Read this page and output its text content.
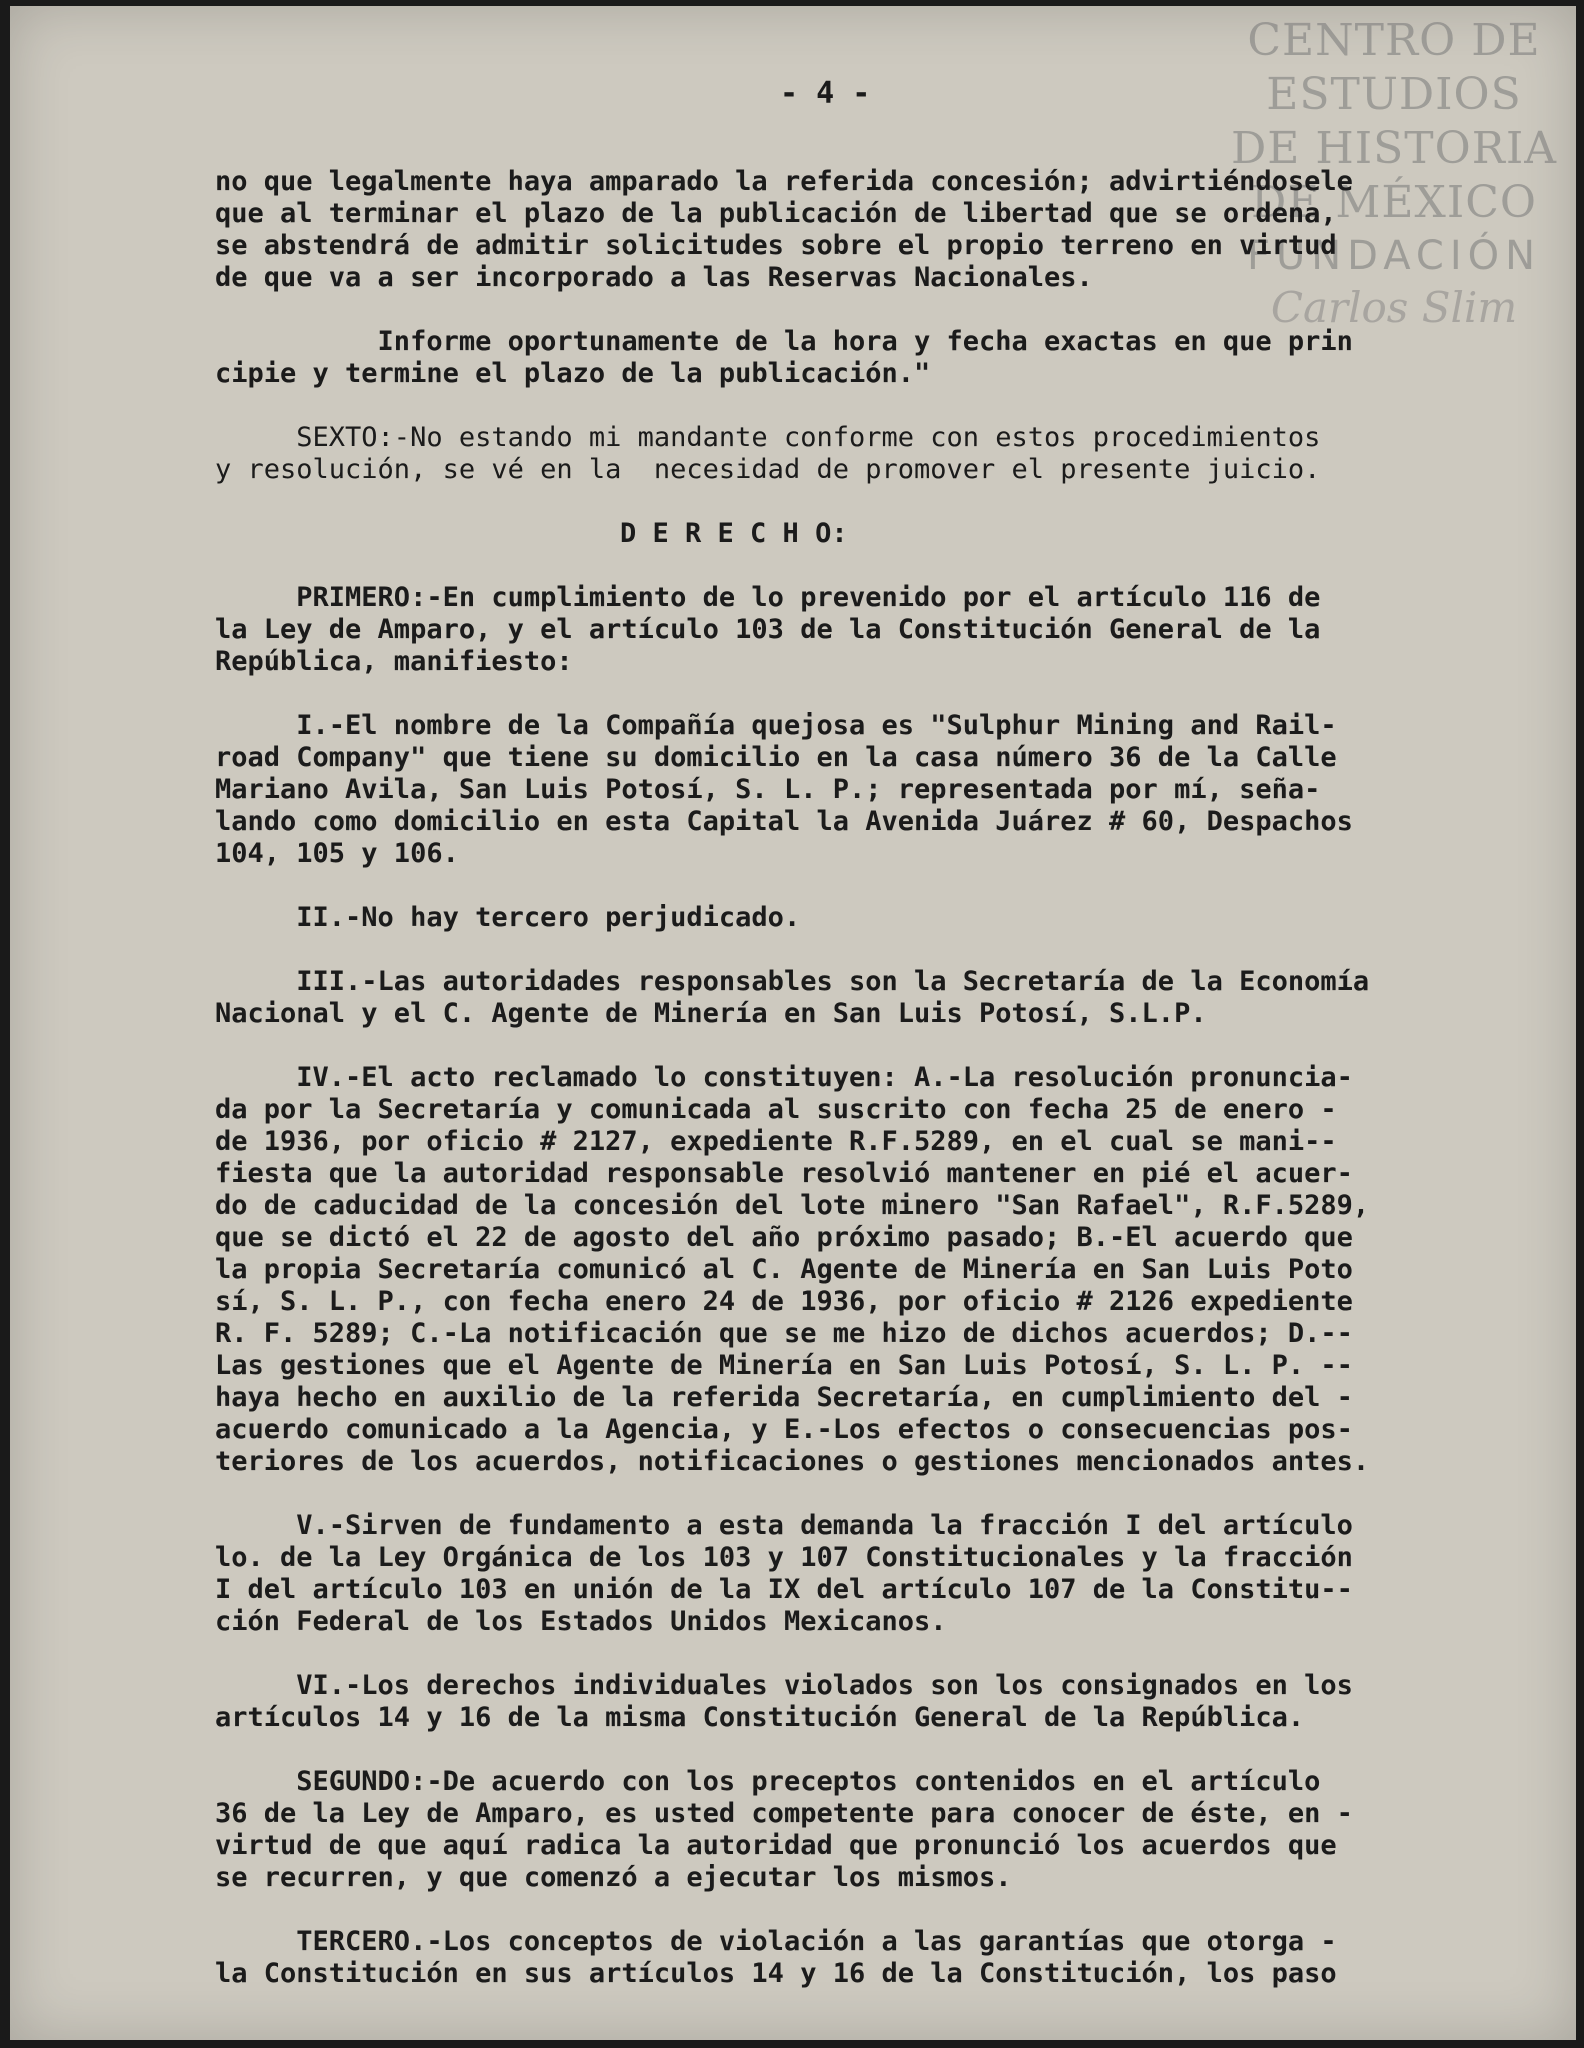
- 4 -
CENTRO DE
ESTUDIOS
DE HISTORIA
DE MÉXICO
FUNDACIÓN
Carlos Slim
no que legalmente haya amparado la referida concesión; advirtiéndosele
que al terminar el plazo de la publicación de libertad que se ordena,
se abstendrá de admitir solicitudes sobre el propio terreno en virtud
de que va a ser incorporado a las Reservas Nacionales.
Informe oportunamente de la hora y fecha exactas en que prin
cipie y termine el plazo de la publicación."
SEXTO:-No estando mi mandante conforme con estos procedimientos
y resolución, se vé en la  necesidad de promover el presente juicio.
D E R E C H O:
PRIMERO:-En cumplimiento de lo prevenido por el artículo 116 de
la Ley de Amparo, y el artículo 103 de la Constitución General de la
República, manifiesto:
I.-El nombre de la Compañía quejosa es "Sulphur Mining and Rail-
road Company" que tiene su domicilio en la casa número 36 de la Calle
Mariano Avila, San Luis Potosí, S. L. P.; representada por mí, seña-
lando como domicilio en esta Capital la Avenida Juárez # 60, Despachos
104, 105 y 106.
II.-No hay tercero perjudicado.
III.-Las autoridades responsables son la Secretaría de la Economía
Nacional y el C. Agente de Minería en San Luis Potosí, S.L.P.
IV.-El acto reclamado lo constituyen: A.-La resolución pronuncia-
da por la Secretaría y comunicada al suscrito con fecha 25 de enero -
de 1936, por oficio # 2127, expediente R.F.5289, en el cual se mani--
fiesta que la autoridad responsable resolvió mantener en pié el acuer-
do de caducidad de la concesión del lote minero "San Rafael", R.F.5289,
que se dictó el 22 de agosto del año próximo pasado; B.-El acuerdo que
la propia Secretaría comunicó al C. Agente de Minería en San Luis Poto
sí, S. L. P., con fecha enero 24 de 1936, por oficio # 2126 expediente
R. F. 5289; C.-La notificación que se me hizo de dichos acuerdos; D.--
Las gestiones que el Agente de Minería en San Luis Potosí, S. L. P. --
haya hecho en auxilio de la referida Secretaría, en cumplimiento del -
acuerdo comunicado a la Agencia, y E.-Los efectos o consecuencias pos-
teriores de los acuerdos, notificaciones o gestiones mencionados antes.
V.-Sirven de fundamento a esta demanda la fracción I del artículo
lo. de la Ley Orgánica de los 103 y 107 Constitucionales y la fracción
I del artículo 103 en unión de la IX del artículo 107 de la Constitu--
ción Federal de los Estados Unidos Mexicanos.
VI.-Los derechos individuales violados son los consignados en los
artículos 14 y 16 de la misma Constitución General de la República.
SEGUNDO:-De acuerdo con los preceptos contenidos en el artículo
36 de la Ley de Amparo, es usted competente para conocer de éste, en -
virtud de que aquí radica la autoridad que pronunció los acuerdos que
se recurren, y que comenzó a ejecutar los mismos.
TERCERO.-Los conceptos de violación a las garantías que otorga -
la Constitución en sus artículos 14 y 16 de la Constitución, los paso
